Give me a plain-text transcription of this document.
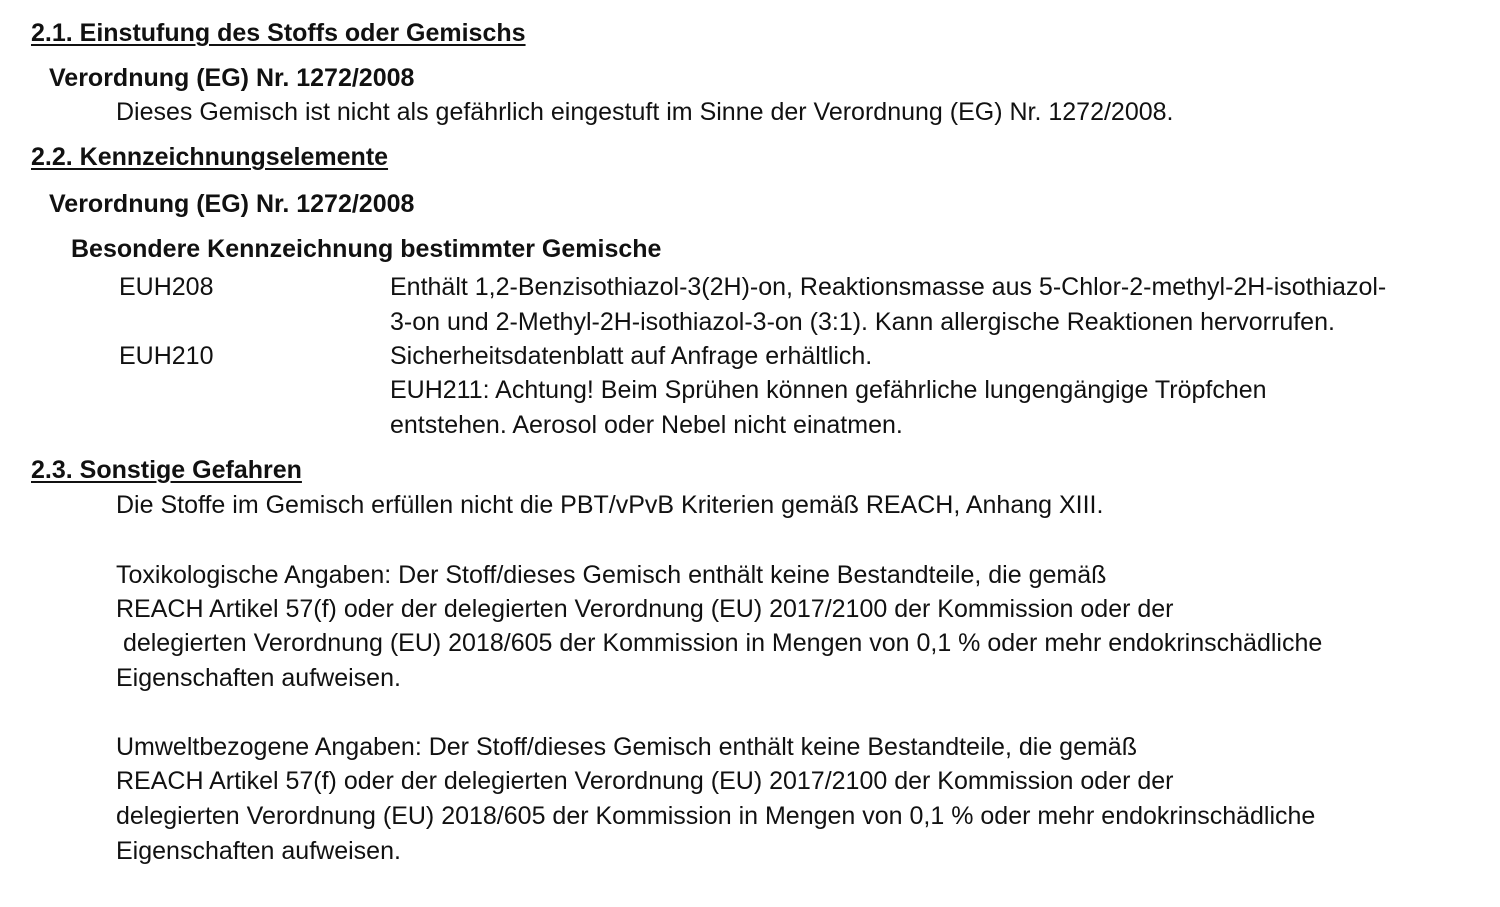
2.1. Einstufung des Stoffs oder Gemischs
Verordnung (EG) Nr. 1272/2008
Dieses Gemisch ist nicht als gefährlich eingestuft im Sinne der Verordnung (EG) Nr. 1272/2008.
2.2. Kennzeichnungselemente
Verordnung (EG) Nr. 1272/2008
Besondere Kennzeichnung bestimmter Gemische
EUH208	Enthält 1,2-Benzisothiazol-3(2H)-on, Reaktionsmasse aus 5-Chlor-2-methyl-2H-isothiazol-
3-on und 2-Methyl-2H-isothiazol-3-on (3:1). Kann allergische Reaktionen hervorrufen.
EUH210	Sicherheitsdatenblatt auf Anfrage erhältlich.
EUH211: Achtung! Beim Sprühen können gefährliche lungengängige Tröpfchen
entstehen. Aerosol oder Nebel nicht einatmen.
2.3. Sonstige Gefahren
Die Stoffe im Gemisch erfüllen nicht die PBT/vPvB Kriterien gemäß REACH, Anhang XIII.
Toxikologische Angaben: Der Stoff/dieses Gemisch enthält keine Bestandteile, die gemäß
REACH Artikel 57(f) oder der delegierten Verordnung (EU) 2017/2100 der Kommission oder der
delegierten Verordnung (EU) 2018/605 der Kommission in Mengen von 0,1 % oder mehr endokrinschädliche
Eigenschaften aufweisen.
Umweltbezogene Angaben: Der Stoff/dieses Gemisch enthält keine Bestandteile, die gemäß
REACH Artikel 57(f) oder der delegierten Verordnung (EU) 2017/2100 der Kommission oder der
delegierten Verordnung (EU) 2018/605 der Kommission in Mengen von 0,1 % oder mehr endokrinschädliche
Eigenschaften aufweisen.
